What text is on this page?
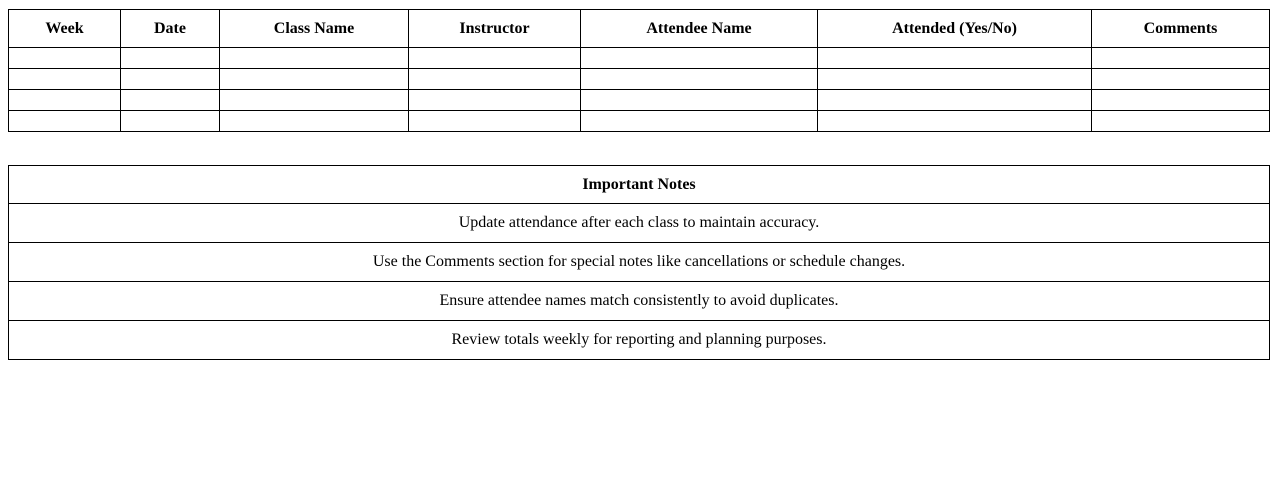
Week	Date	Class Name	Instructor	Attendee Name	Attended (Yes/No)	Comments

Important Notes
Update attendance after each class to maintain accuracy.
Use the Comments section for special notes like cancellations or schedule changes.
Ensure attendee names match consistently to avoid duplicates.
Review totals weekly for reporting and planning purposes.
